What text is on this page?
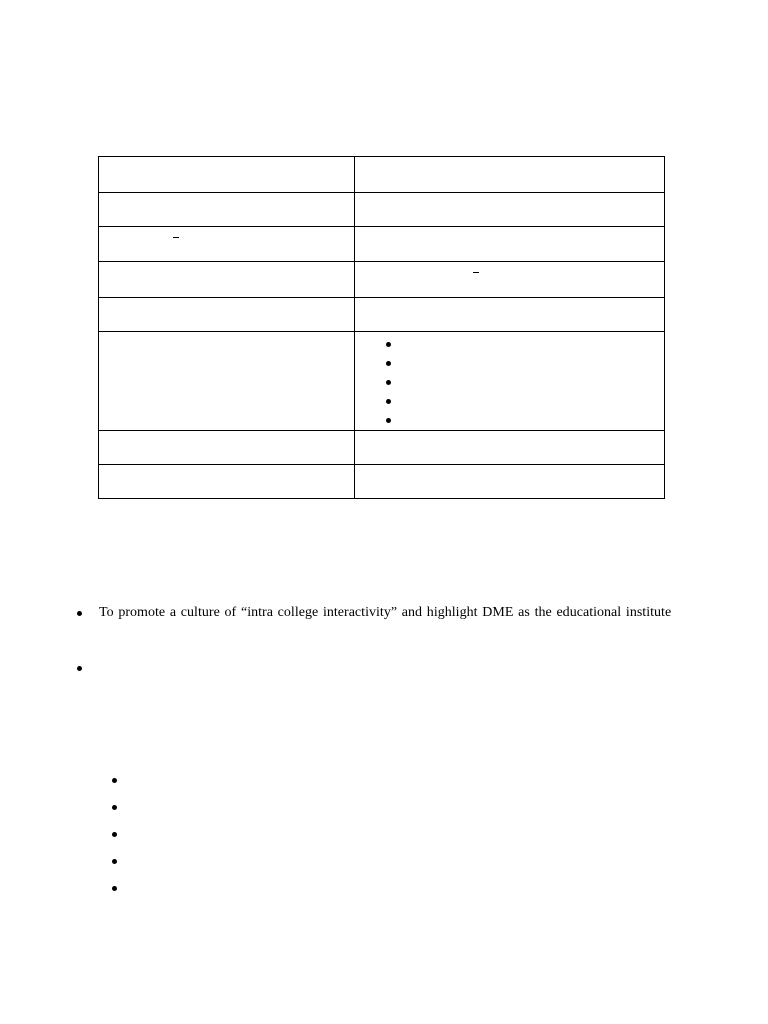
To promote a culture of “intra college interactivity” and highlight DME as the educational institute
